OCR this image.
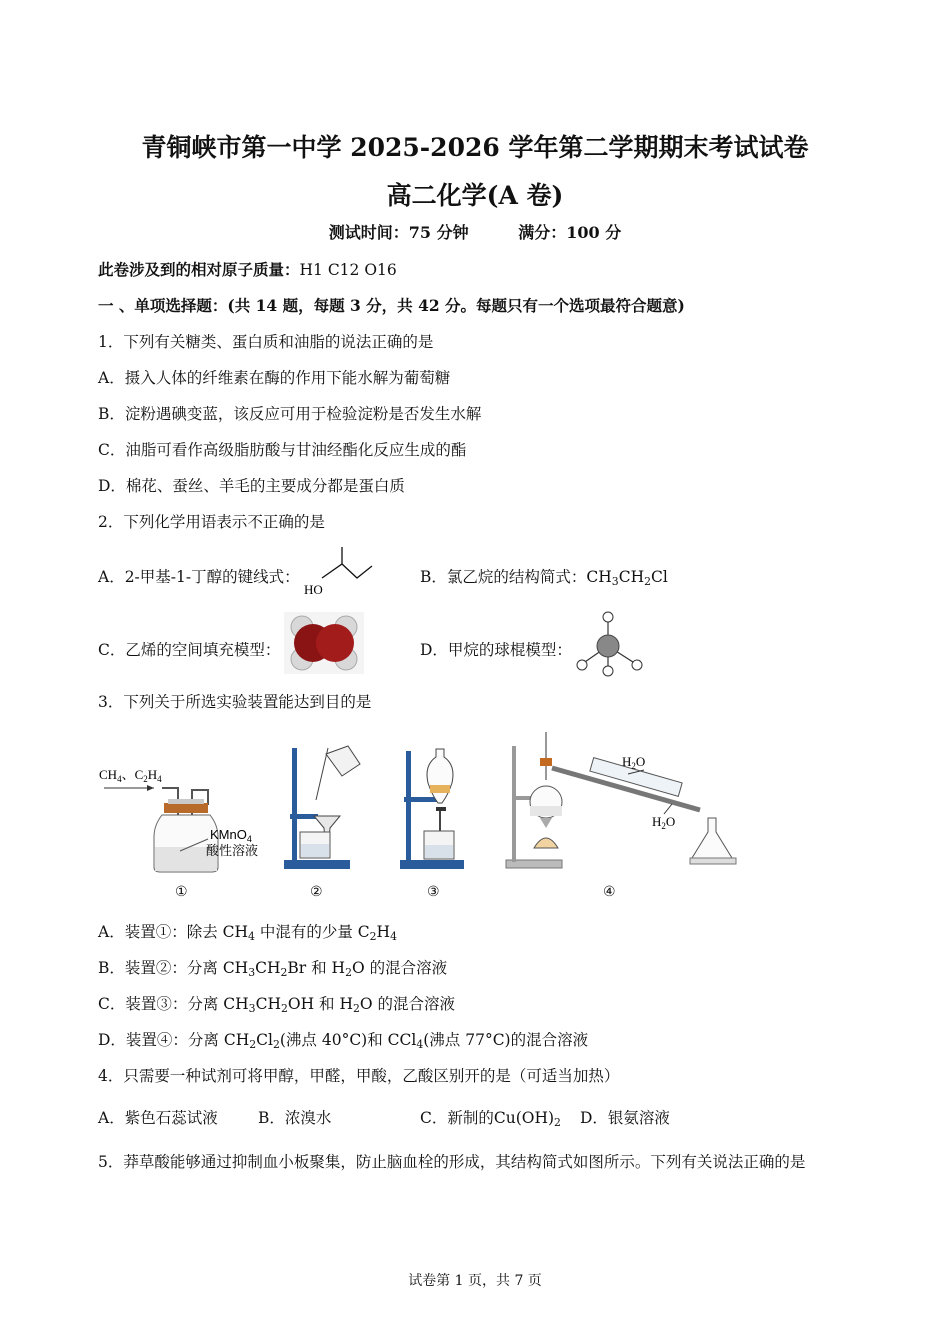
青铜峡市第一中学 2025-2026 学年第二学期期末考试试卷
高二化学(A 卷)
测试时间：75 分钟	满分：100 分
此卷涉及到的相对原子质量：H1 C12 O16
一 、单项选择题：(共 14 题，每题 3 分，共 42 分。每题只有一个选项最符合题意)
1．下列有关糖类、蛋白质和油脂的说法正确的是
A．摄入人体的纤维素在酶的作用下能水解为葡萄糖
B．淀粉遇碘变蓝，该反应可用于检验淀粉是否发生水解
C．油脂可看作高级脂肪酸与甘油经酯化反应生成的酯
D．棉花、蚕丝、羊毛的主要成分都是蛋白质
2．下列化学用语表示不正确的是
A．2-甲基-1-丁醇的键线式：
HO
B．氯乙烷的结构简式：$CH_3CH_2Cl$
C．乙烯的空间填充模型：	D．甲烷的球棍模型：
3．下列关于所选实验装置能达到目的是
$CH_4$、$C_2H_4$
KMnO$_4$
酸性溶液
$H_2O$
$H_2O$
①	②	③	④
A．装置①：除去 $CH_4$ 中混有的少量 $C_2H_4$
B．装置②：分离 $CH_3CH_2Br$ 和 $H_2O$ 的混合溶液
C．装置③：分离 $CH_3CH_2OH$ 和 $H_2O$ 的混合溶液
D．装置④：分离 $CH_2Cl_2$(沸点 40°C)和 CCl$_4$(沸点 77°C)的混合溶液
4．只需要一种试剂可将甲醇，甲醛，甲酸，乙酸区别开的是（可适当加热）
A．紫色石蕊试液	B．浓溴水	C．新制的$Cu(OH)_2$ D．银氨溶液
5．莽草酸能够通过抑制血小板聚集，防止脑血栓的形成，其结构简式如图所示。下列有关说法正确的是
试卷第 1 页，共 7 页
